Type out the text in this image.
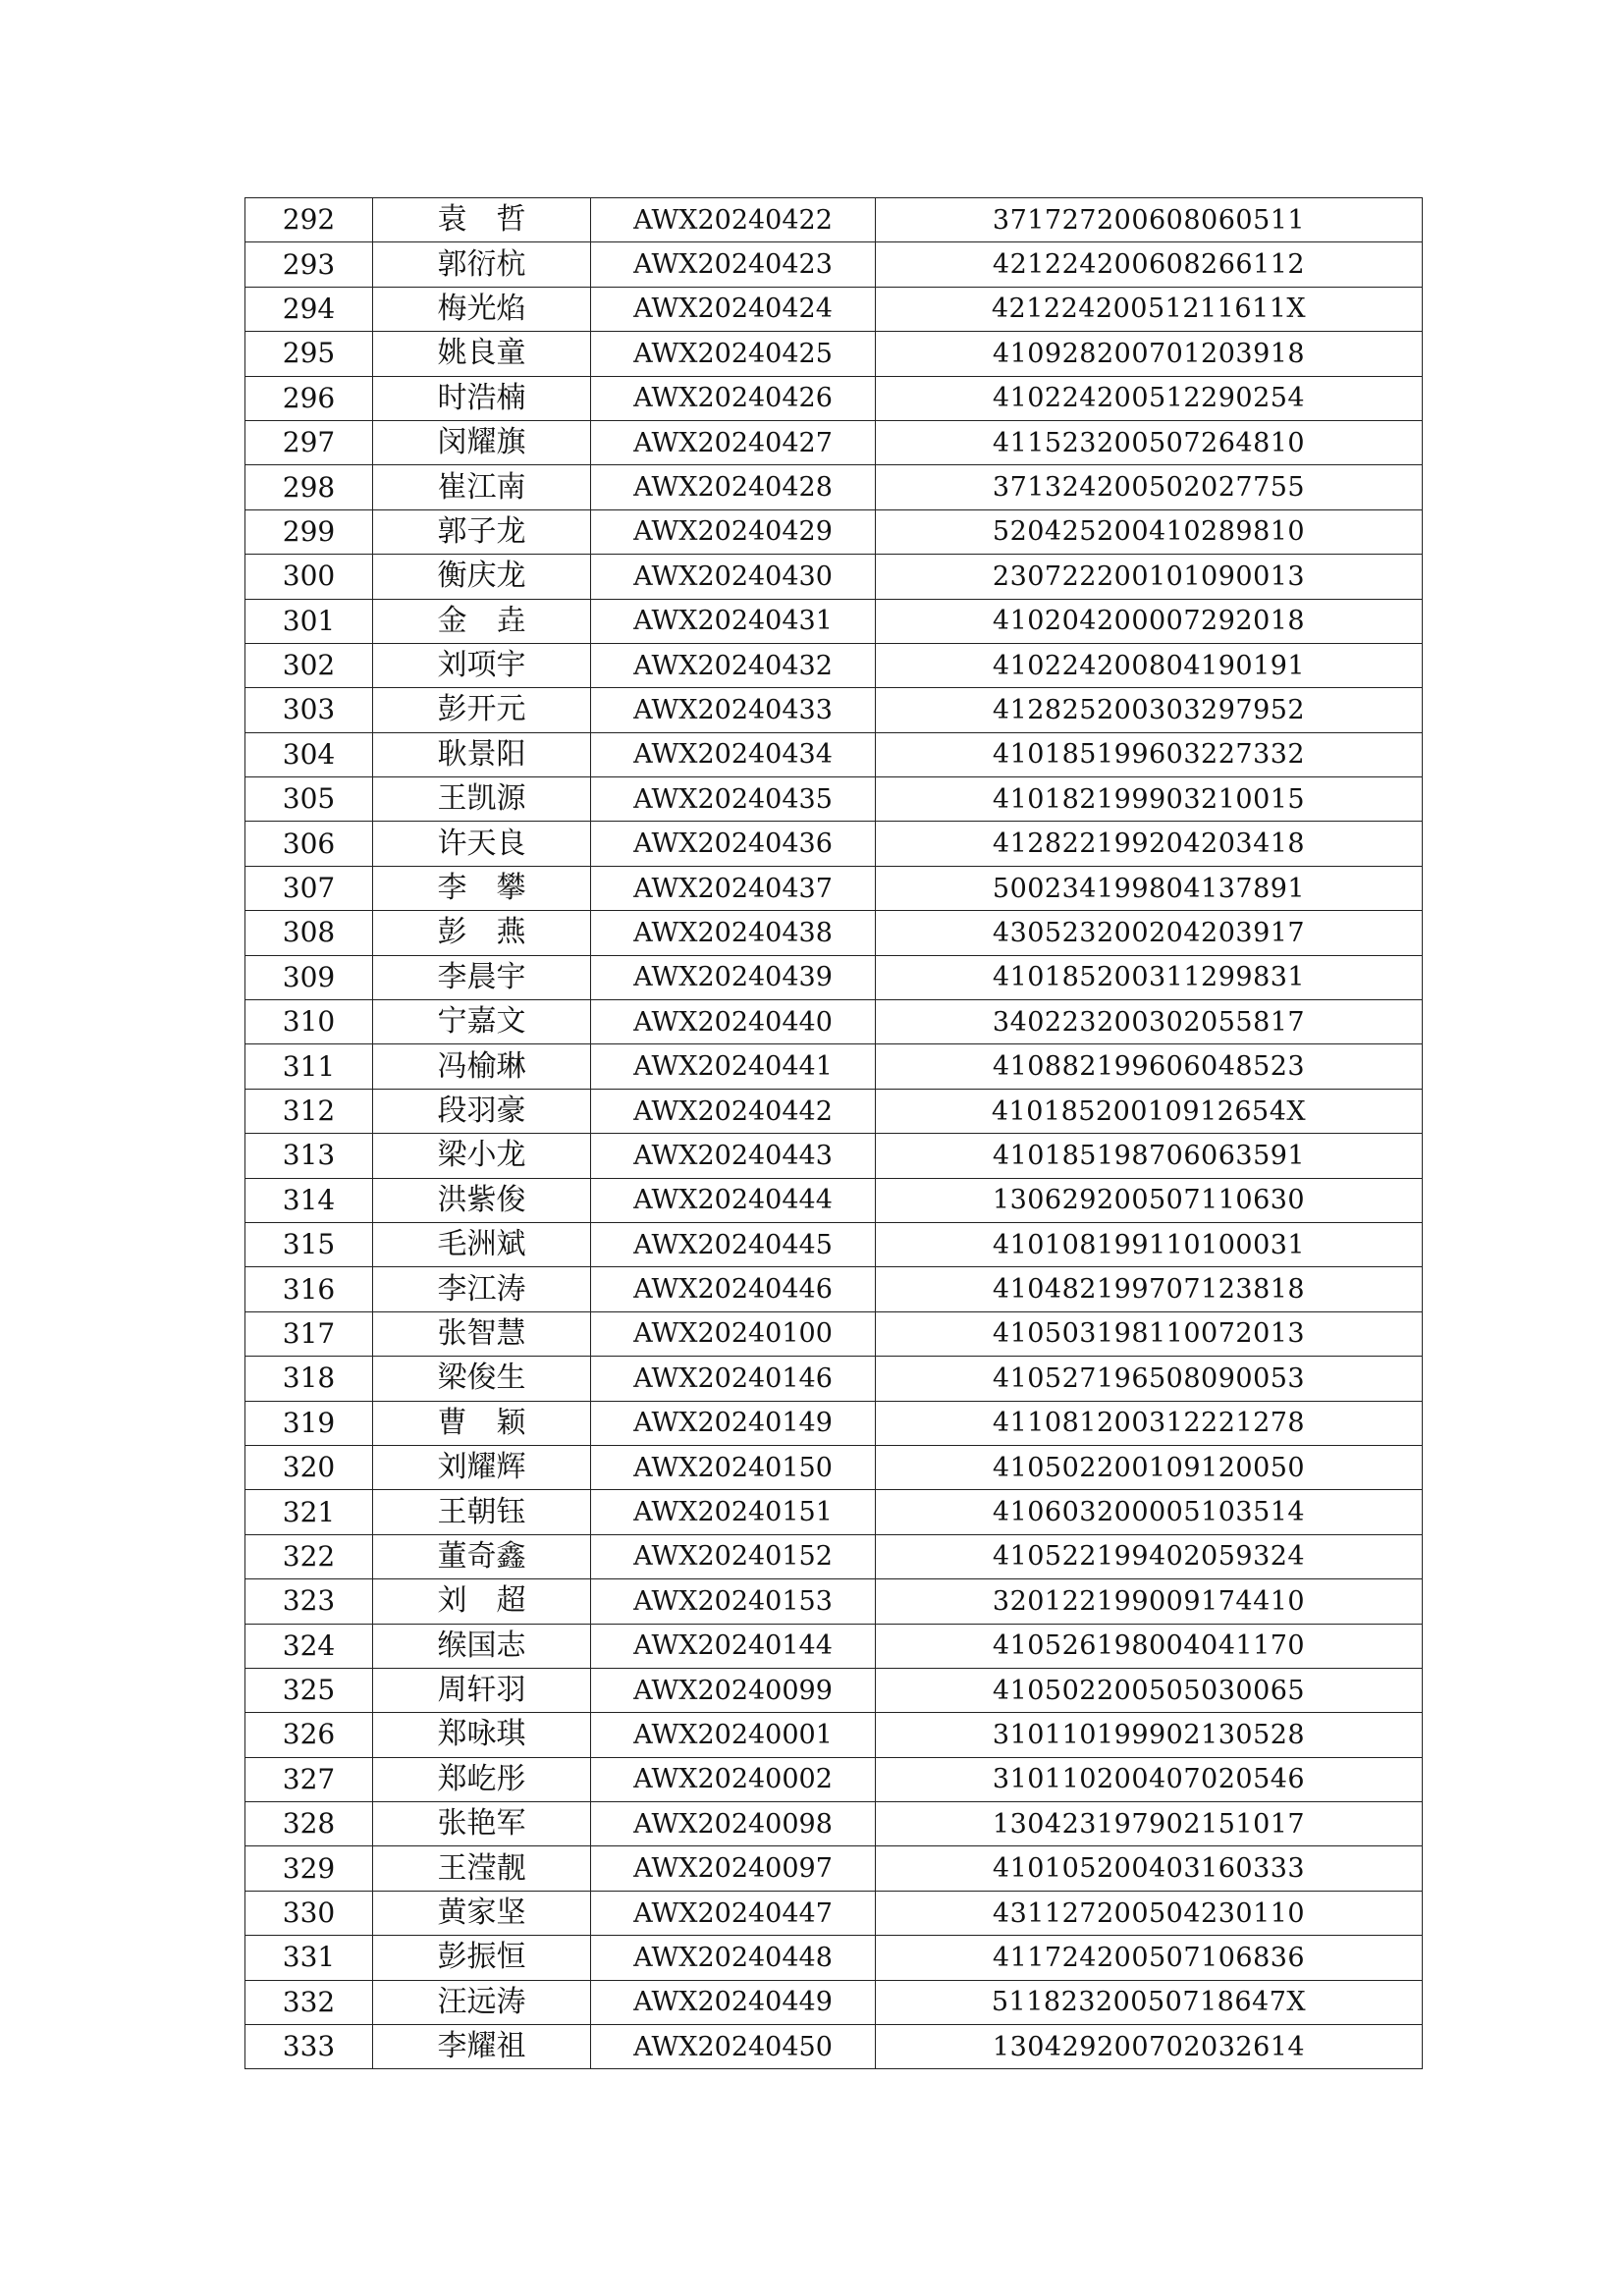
292	袁　哲	AWX20240422	371727200608060511
293	郭衍杭	AWX20240423	421224200608266112
294	梅光焰	AWX20240424	42122420051211611X
295	姚良童	AWX20240425	410928200701203918
296	时浩楠	AWX20240426	410224200512290254
297	闵耀旗	AWX20240427	411523200507264810
298	崔江南	AWX20240428	371324200502027755
299	郭子龙	AWX20240429	520425200410289810
300	衡庆龙	AWX20240430	230722200101090013
301	金　垚	AWX20240431	410204200007292018
302	刘项宇	AWX20240432	410224200804190191
303	彭开元	AWX20240433	412825200303297952
304	耿景阳	AWX20240434	410185199603227332
305	王凯源	AWX20240435	410182199903210015
306	许天良	AWX20240436	412822199204203418
307	李　攀	AWX20240437	500234199804137891
308	彭　燕	AWX20240438	430523200204203917
309	李晨宇	AWX20240439	410185200311299831
310	宁嘉文	AWX20240440	340223200302055817
311	冯榆琳	AWX20240441	410882199606048523
312	段羽豪	AWX20240442	41018520010912654X
313	梁小龙	AWX20240443	410185198706063591
314	洪紫俊	AWX20240444	130629200507110630
315	毛洲斌	AWX20240445	410108199110100031
316	李江涛	AWX20240446	410482199707123818
317	张智慧	AWX20240100	410503198110072013
318	梁俊生	AWX20240146	410527196508090053
319	曹　颖	AWX20240149	411081200312221278
320	刘耀辉	AWX20240150	410502200109120050
321	王朝钰	AWX20240151	410603200005103514
322	董奇鑫	AWX20240152	410522199402059324
323	刘　超	AWX20240153	320122199009174410
324	缑国志	AWX20240144	410526198004041170
325	周轩羽	AWX20240099	410502200505030065
326	郑咏琪	AWX20240001	310110199902130528
327	郑屹彤	AWX20240002	310110200407020546
328	张艳军	AWX20240098	130423197902151017
329	王滢靓	AWX20240097	410105200403160333
330	黄家坚	AWX20240447	431127200504230110
331	彭振恒	AWX20240448	411724200507106836
332	汪远涛	AWX20240449	51182320050718647X
333	李耀祖	AWX20240450	130429200702032614
